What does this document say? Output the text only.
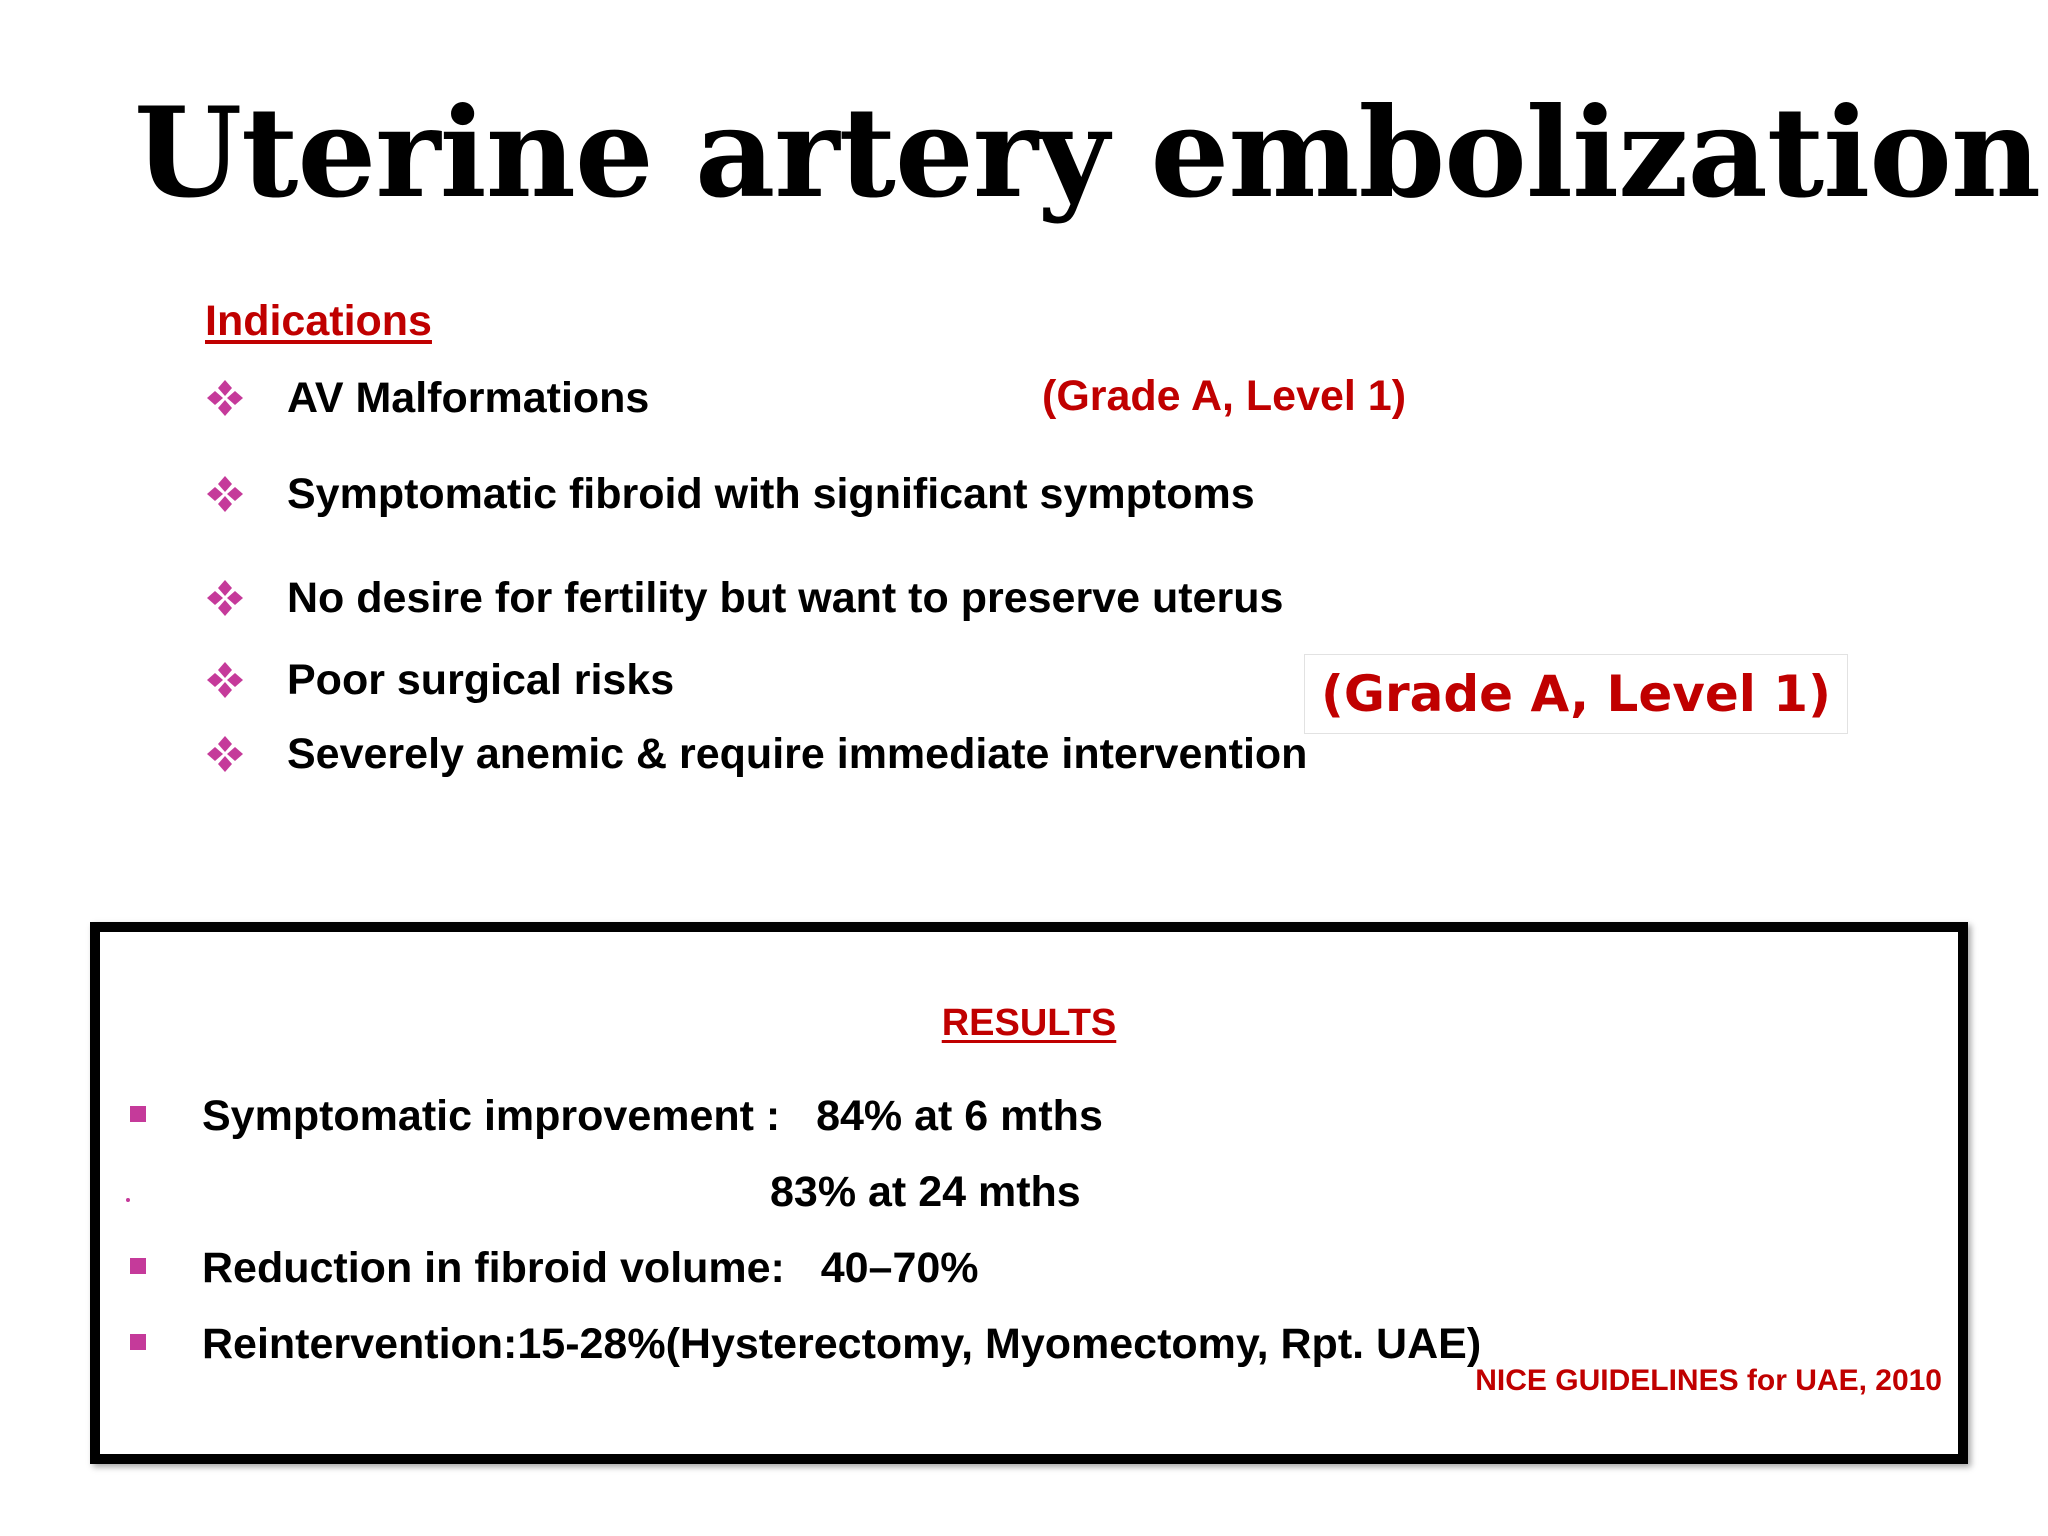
Uterine artery embolization
Indications
AV Malformations
Symptomatic fibroid with significant symptoms
No desire for fertility but want to preserve uterus
Poor surgical risks
Severely anemic & require immediate intervention
(Grade A, Level 1)
(Grade A, Level 1)
RESULTS
Symptomatic improvement :   84% at 6 mths
83% at 24 mths
Reduction in fibroid volume:   40–70%
Reintervention:15-28%(Hysterectomy, Myomectomy, Rpt. UAE)
NICE GUIDELINES for UAE, 2010
